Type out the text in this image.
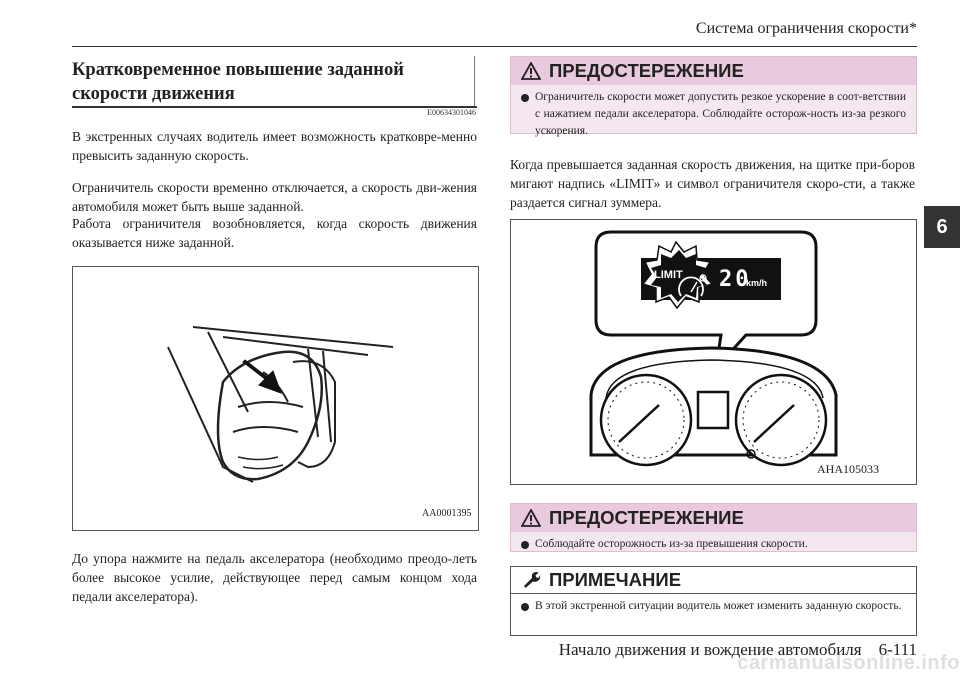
Система ограничения скорости*
6
Кратковременное повышение заданной
скорости движения
E00634301046
В экстренных случаях водитель имеет возможность кратковре-менно превысить заданную скорость.
Ограничитель скорости временно отключается, а скорость дви-жения автомобиля может быть выше заданной.
Работа ограничителя возобновляется, когда скорость движения оказывается ниже заданной.
AA0001395
До упора нажмите на педаль акселератора (необходимо преодо-леть более высокое усилие, действующее перед самым концом хода педали акселератора).
ПРЕДОСТЕРЕЖЕНИЕ
Ограничитель скорости может допустить резкое ускорение в соот-ветствии с нажатием педали акселератора. Соблюдайте осторож-ность из-за резкого ускорения.
Когда превышается заданная скорость движения, на щитке при-боров мигают надпись «LIMIT» и символ ограничителя скоро-сти, а также раздается сигнал зуммера.
LIMIT 20
km/h
AHA105033
ПРЕДОСТЕРЕЖЕНИЕ
Соблюдайте осторожность из-за превышения скорости.
ПРИМЕЧАНИЕ
В этой экстренной ситуации водитель может изменить заданную скорость.
Начало движения и вождение автомобиля    6-111
carmanualsonline.info
